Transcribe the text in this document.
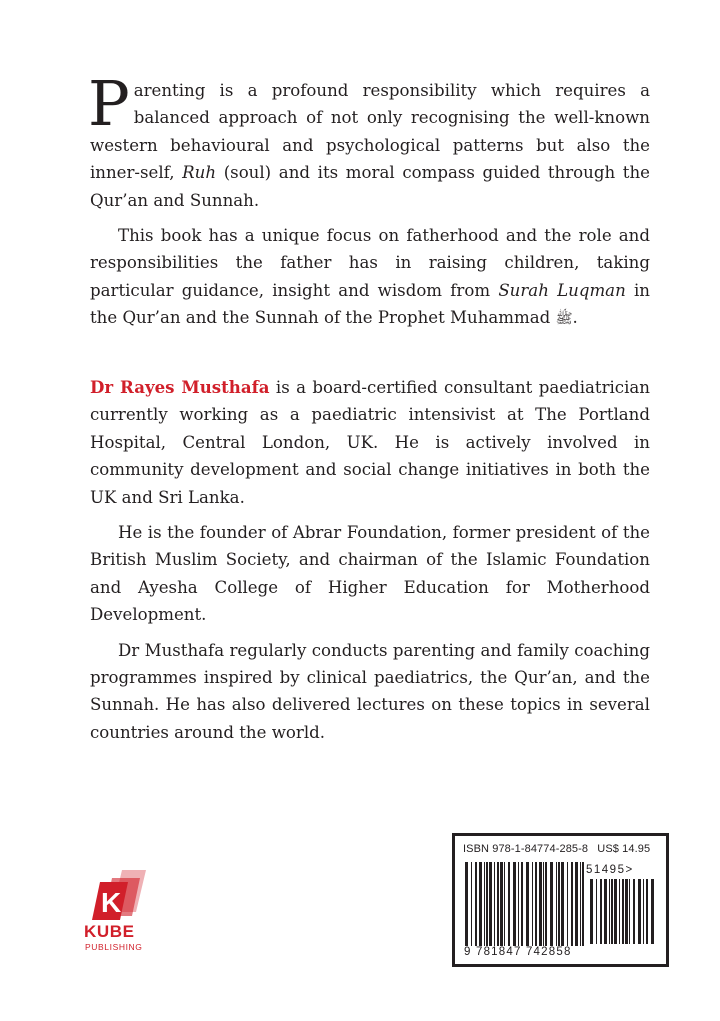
Parenting is a profound responsibility which requires a balanced approach of not only recognising the well-known western behavioural and psychological patterns but also the inner-self, Ruh (soul) and its moral compass guided through the Qur’an and Sunnah.

This book has a unique focus on fatherhood and the role and responsibilities the father has in raising children, taking particular guidance, insight and wisdom from Surah Luqman in the Qur’an and the Sunnah of the Prophet Muhammad ﷺ.

Dr Rayes Musthafa is a board-certified consultant paediatrician currently working as a paediatric intensivist at The Portland Hospital, Central London, UK. He is actively involved in community development and social change initiatives in both the UK and Sri Lanka.

He is the founder of Abrar Foundation, former president of the British Muslim Society, and chairman of the Islamic Foundation and Ayesha College of Higher Education for Motherhood Development.

Dr Musthafa regularly conducts parenting and family coaching programmes inspired by clinical paediatrics, the Qur’an, and the Sunnah. He has also delivered lectures on these topics in several countries around the world.

K
KUBE
PUBLISHING
ISBN 978-1-84774-285-8 US$ 14.95
51495>
9 781847 742858
